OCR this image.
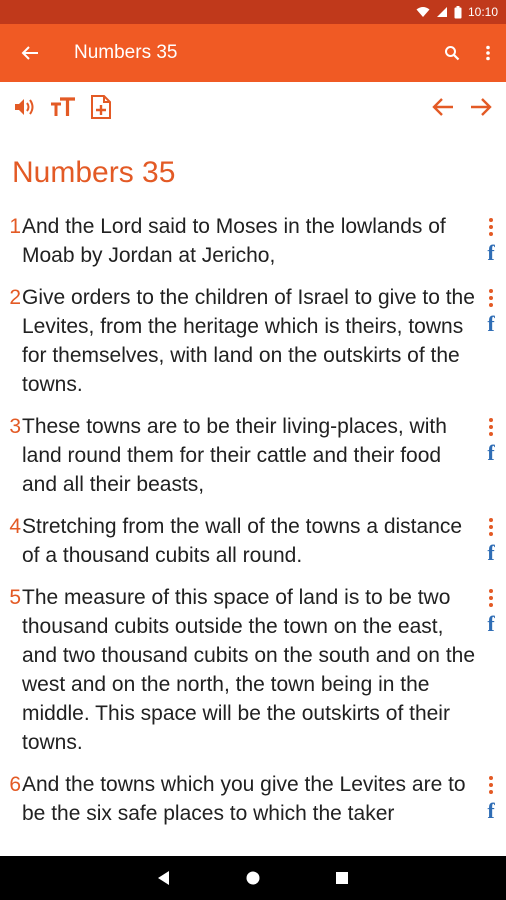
10:10
Numbers 35
Numbers 35
1 And the Lord said to Moses in the lowlands of Moab by Jordan at Jericho,	f
2 Give orders to the children of Israel to give to the Levites, from the heritage which is theirs, towns for themselves, with land on the outskirts of the towns.
f
3 These towns are to be their living-places, with land round them for their cattle and their food and all their beasts,
f
4 Stretching from the wall of the towns a distance of a thousand cubits all round.	f
5 The measure of this space of land is to be two thousand cubits outside the town on the east, and two thousand cubits on the south and on the west and on the north, the town being in the middle. This space will be the outskirts of their towns.
f
6 And the towns which you give the Levites are to be the six safe places to which the taker	f
